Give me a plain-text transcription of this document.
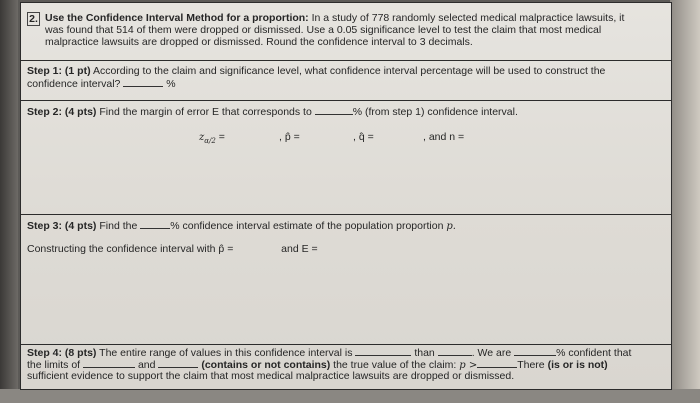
2. Use the Confidence Interval Method for a proportion: In a study of 778 randomly selected medical malpractice lawsuits, it
was found that 514 of them were dropped or dismissed. Use a 0.05 significance level to test the claim that most medical
malpractice lawsuits are dropped or dismissed. Round the confidence interval to 3 decimals.
Step 1: (1 pt) According to the claim and significance level, what confidence interval percentage will be used to construct the
confidence interval?	%
Step 2: (4 pts) Find the margin of error E that corresponds to	% (from step 1) confidence interval.
$z_{\alpha/2}$ =	, p̂ =	, q̂ =	, and n =
Step 3: (4 pts) Find the	% confidence interval estimate of the population proportion p.
Constructing the confidence interval with p̂ =	and E =
Step 4: (8 pts) The entire range of values in this confidence interval is	than	. We are	% confident that
the limits of	and	(contains or not contains) the true value of the claim: p >	There (is or is not)
sufficient evidence to support the claim that most medical malpractice lawsuits are dropped or dismissed.
